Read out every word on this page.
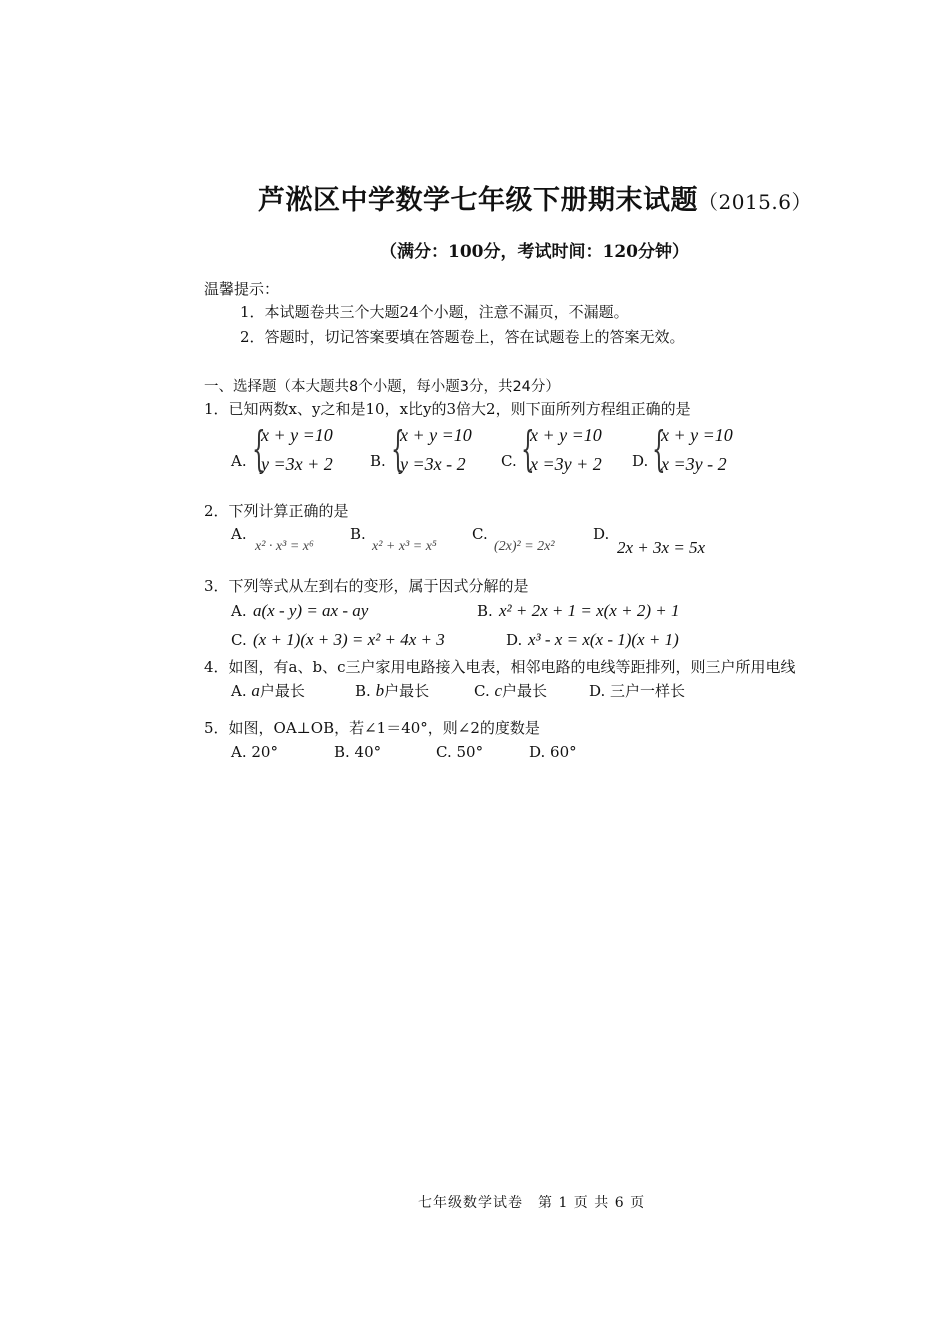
芦淞区中学数学七年级下册期末试题（2015.6）
（满分：100分，考试时间：120分钟）
温馨提示：
1．本试题卷共三个大题24个小题，注意不漏页，不漏题。
2．答题时，切记答案要填在答题卷上，答在试题卷上的答案无效。
一、选择题（本大题共8个小题，每小题3分，共24分）
1．已知两数x、y之和是10，x比y的3倍大2，则下面所列方程组正确的是
A. {
x + y =10
y =3x + 2 B. {
x + y =10
y =3x - 2 C. {
x + y =10
x =3y + 2 D. {
x + y =10
x =3y - 2
2．下列计算正确的是
A.
x² · x³ = x⁶
B.
x² + x³ = x⁵
C.
(2x)² = 2x²
D.
2x + 3x = 5x
3．下列等式从左到右的变形，属于因式分解的是
A. a(x - y) = ax - ay	B. x² + 2x + 1 = x(x + 2) + 1
C. (x + 1)(x + 3) = x² + 4x + 3	D. x³ - x = x(x - 1)(x + 1)
4．如图，有a、b、c三户家用电路接入电表，相邻电路的电线等距排列，则三户所用电线
A. a户最长	B. b户最长	C. c户最长	D. 三户一样长
5．如图，OA⊥OB，若∠1＝40°，则∠2的度数是
A. 20°	B. 40°	C. 50°	D. 60°
七年级数学试卷　第 1 页 共 6 页
